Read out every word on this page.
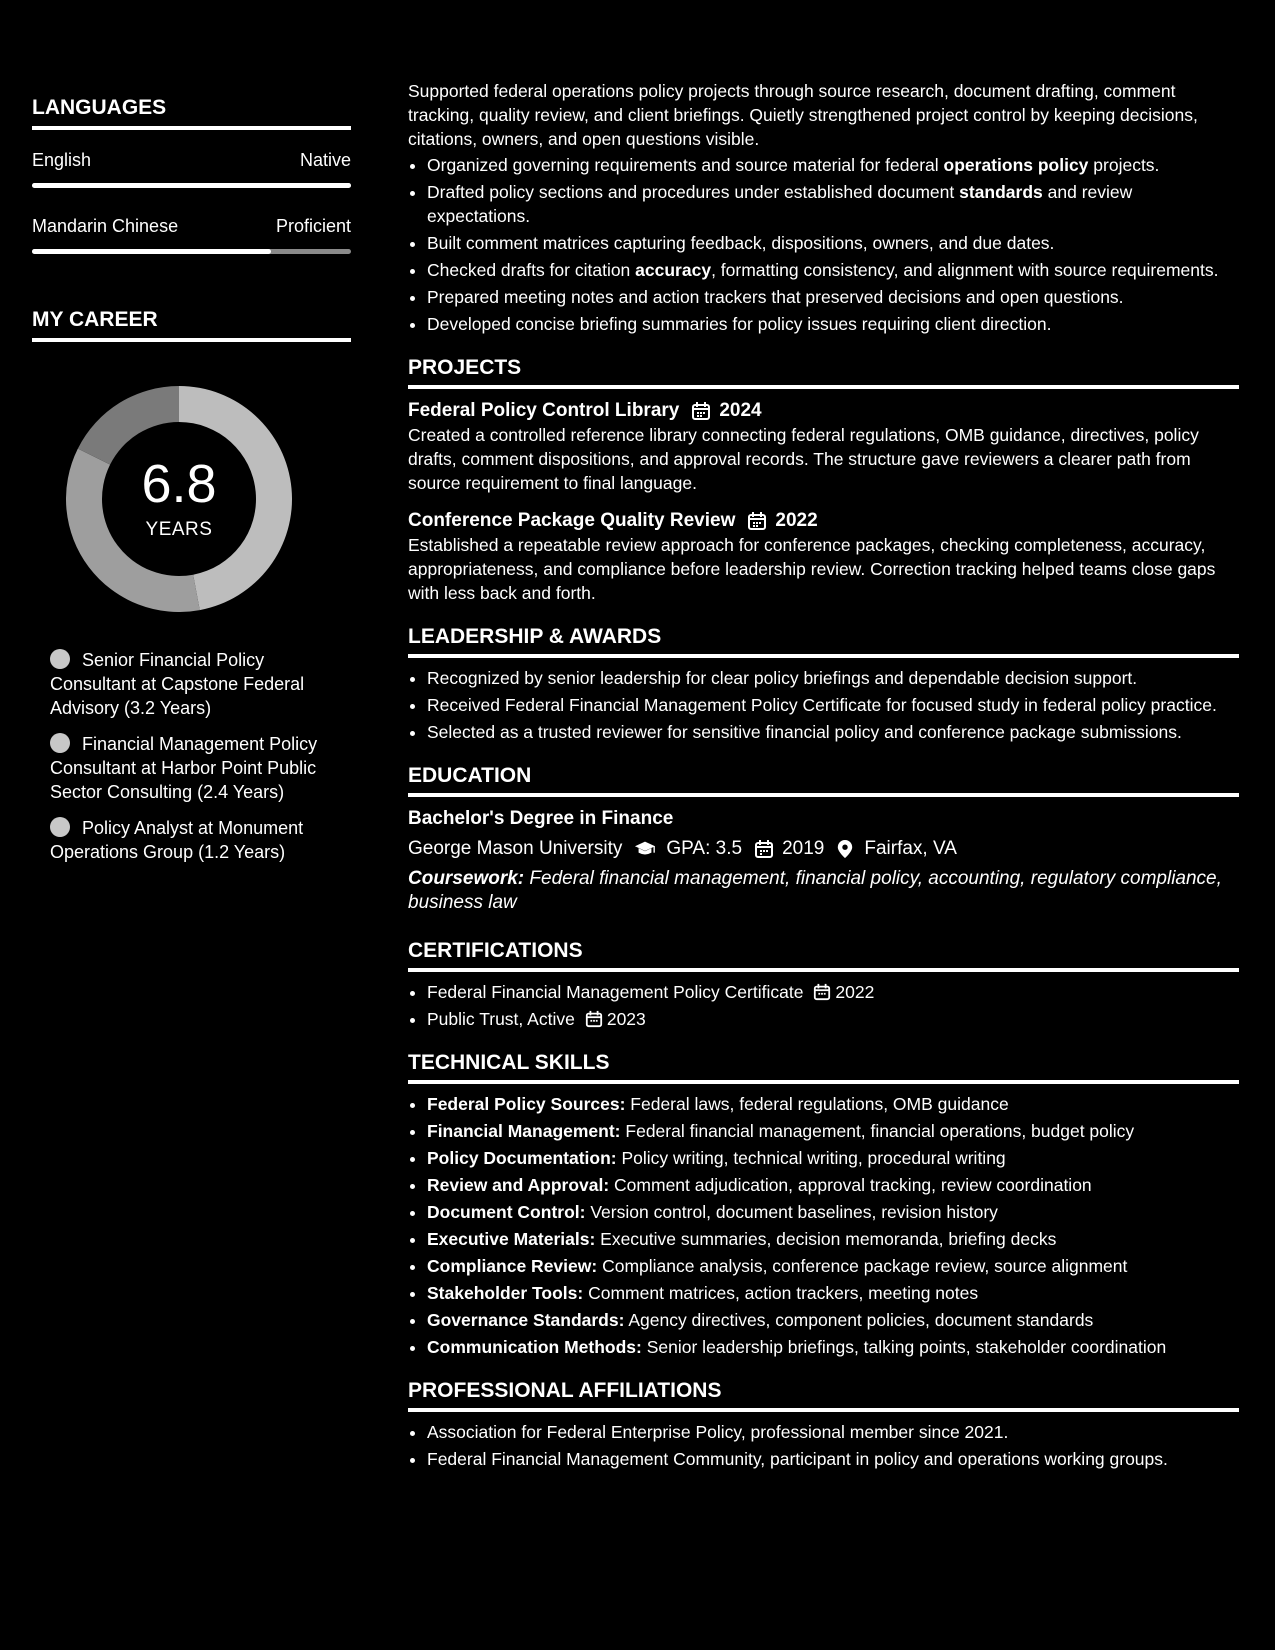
LANGUAGES
English	Native
Mandarin Chinese	Proficient
MY CAREER
6.8
YEARS
Senior Financial Policy Consultant at Capstone Federal Advisory (3.2 Years)
Financial Management Policy Consultant at Harbor Point Public Sector Consulting (2.4 Years)
Policy Analyst at Monument Operations Group (1.2 Years)

Supported federal operations policy projects through source research, document drafting, comment tracking, quality review, and client briefings. Quietly strengthened project control by keeping decisions, citations, owners, and open questions visible.

• Organized governing requirements and source material for federal operations policy projects.
• Drafted policy sections and procedures under established document standards and review expectations.
• Built comment matrices capturing feedback, dispositions, owners, and due dates.
• Checked drafts for citation accuracy, formatting consistency, and alignment with source requirements.
• Prepared meeting notes and action trackers that preserved decisions and open questions.
• Developed concise briefing summaries for policy issues requiring client direction.
PROJECTS
Federal Policy Control Library 2024

Created a controlled reference library connecting federal regulations, OMB guidance, directives, policy drafts, comment dispositions, and approval records. The structure gave reviewers a clearer path from source requirement to final language.

Conference Package Quality Review 2022

Established a repeatable review approach for conference packages, checking completeness, accuracy, appropriateness, and compliance before leadership review. Correction tracking helped teams close gaps with less back and forth.

LEADERSHIP & AWARDS
• Recognized by senior leadership for clear policy briefings and dependable decision support.
• Received Federal Financial Management Policy Certificate for focused study in federal policy practice.
• Selected as a trusted reviewer for sensitive financial policy and conference package submissions.
EDUCATION
Bachelor's Degree in Finance
George Mason University GPA: 3.5 2019 Fairfax, VA
Coursework: Federal financial management, financial policy, accounting, regulatory compliance, business law
CERTIFICATIONS
• Federal Financial Management Policy Certificate 2022
• Public Trust, Active 2023
TECHNICAL SKILLS
• Federal Policy Sources: Federal laws, federal regulations, OMB guidance
• Financial Management: Federal financial management, financial operations, budget policy
• Policy Documentation: Policy writing, technical writing, procedural writing
• Review and Approval: Comment adjudication, approval tracking, review coordination
• Document Control: Version control, document baselines, revision history
• Executive Materials: Executive summaries, decision memoranda, briefing decks
• Compliance Review: Compliance analysis, conference package review, source alignment
• Stakeholder Tools: Comment matrices, action trackers, meeting notes
• Governance Standards: Agency directives, component policies, document standards
• Communication Methods: Senior leadership briefings, talking points, stakeholder coordination
PROFESSIONAL AFFILIATIONS
• Association for Federal Enterprise Policy, professional member since 2021.
• Federal Financial Management Community, participant in policy and operations working groups.
